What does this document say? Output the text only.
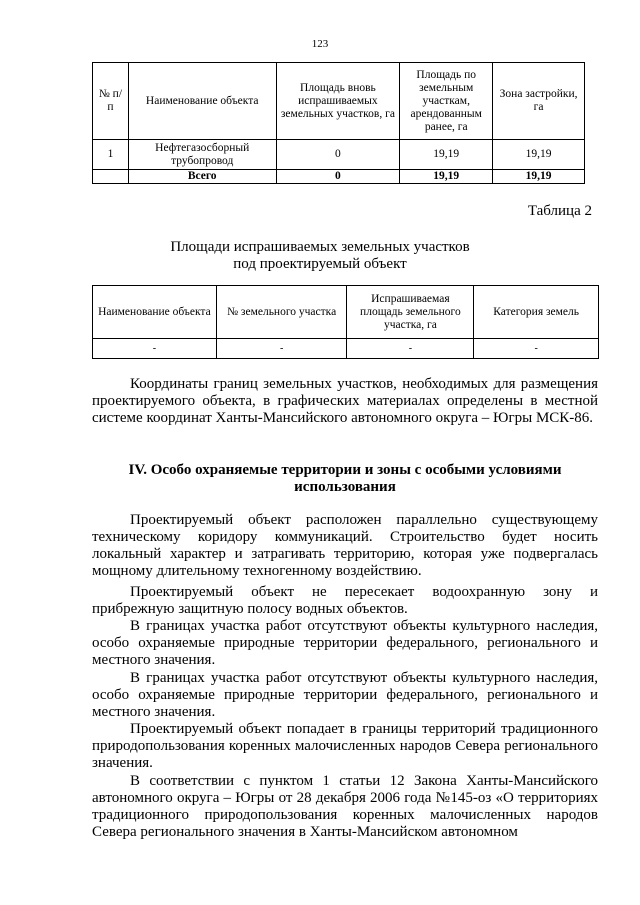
123
№ п/п	Наименование объекта	Площадь вновь испрашиваемых земельных участков, га	Площадь по земельным участкам, арендованным ранее, га	Зона застройки, га
1	Нефтегазосборный трубопровод	0	19,19	19,19
	Всего	0	19,19	19,19
Таблица 2
Площади испрашиваемых земельных участков
под проектируемый объект
Наименование объекта	№ земельного участка	Испрашиваемая площадь земельного участка, га	Категория земель
-	-	-	-
Координаты границ земельных участков, необходимых для размещения проектируемого объекта, в графических материалах определены в местной системе координат Ханты-Мансийского автономного округа – Югры МСК-86.
IV. Особо охраняемые территории и зоны с особыми условиями использования
Проектируемый объект расположен параллельно существующему техническому коридору коммуникаций. Строительство будет носить локальный характер и затрагивать территорию, которая уже подвергалась мощному длительному техногенному воздействию.
Проектируемый объект не пересекает водоохранную зону и прибрежную защитную полосу водных объектов.
В границах участка работ отсутствуют объекты культурного наследия, особо охраняемые природные территории федерального, регионального и местного значения.
В границах участка работ отсутствуют объекты культурного наследия, особо охраняемые природные территории федерального, регионального и местного значения.
Проектируемый объект попадает в границы территорий традиционного природопользования коренных малочисленных народов Севера регионального значения.
В соответствии с пунктом 1 статьи 12 Закона Ханты-Мансийского автономного округа – Югры от 28 декабря 2006 года №145-оз «О территориях традиционного природопользования коренных малочисленных народов Севера регионального значения в Ханты-Мансийском автономном
